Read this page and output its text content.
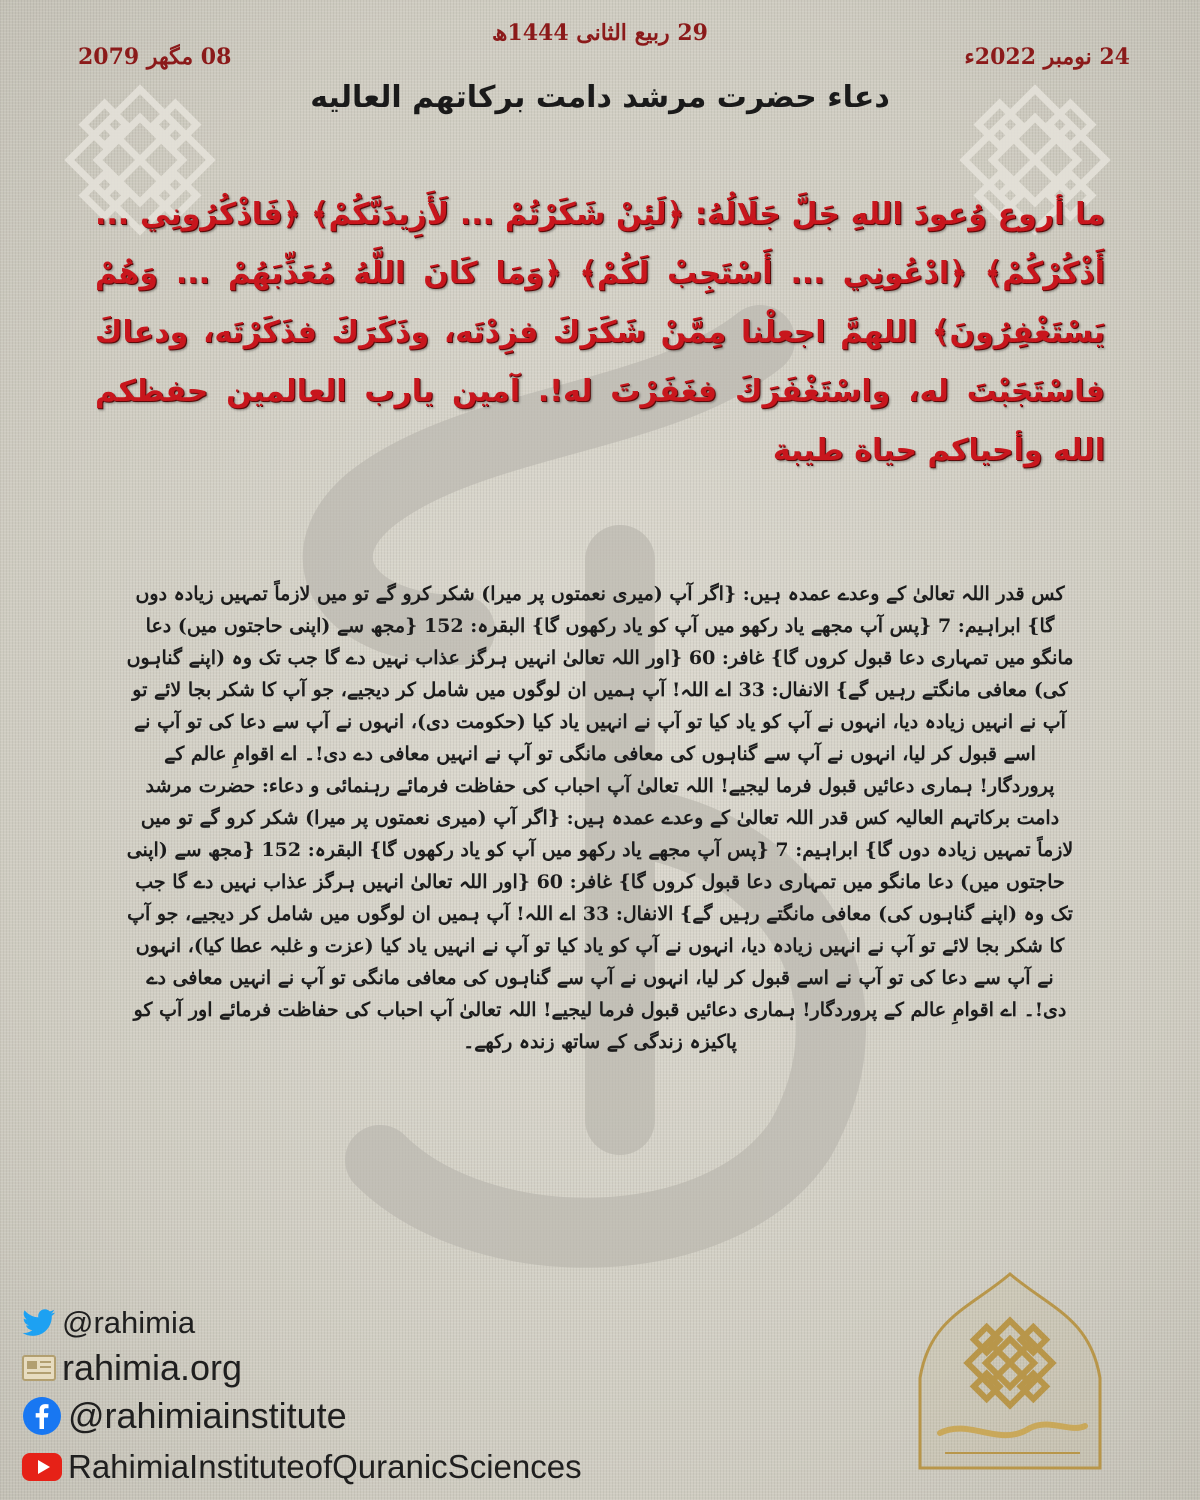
29 ربیع الثانی 1444ھ
24 نومبر 2022ء
08 مگھر 2079
دعاء حضرت مرشد دامت برکاتهم العالیه
ما أروع وُعودَ اللهِ جَلَّ جَلَالُهُ: ﴿لَئِنْ شَكَرْتُمْ ... لَأَزِيدَنَّكُمْ﴾ ﴿فَاذْكُرُونِي ... أَذْكُرْكُمْ﴾ ﴿ادْعُونِي ... أَسْتَجِبْ لَكُمْ﴾ ﴿وَمَا كَانَ اللَّهُ مُعَذِّبَهُمْ ... وَهُمْ يَسْتَغْفِرُونَ﴾ اللهمَّ اجعلْنا مِمَّنْ شَكَرَكَ فزِدْتَه، وذَكَرَكَ فذَكَرْتَه، ودعاكَ فاسْتَجَبْتَ له، واسْتَغْفَرَكَ فغَفَرْتَ له!. آمين يارب العالمين حفظكم الله وأحياكم حياة طيبة
کس قدر اللہ تعالیٰ کے وعدے عمدہ ہیں: {اگر آپ (میری نعمتوں پر میرا) شکر کرو گے تو میں لازماً تمہیں زیادہ دوں گا} ابراہیم: 7 {پس آپ مجھے یاد رکھو میں آپ کو یاد رکھوں گا} البقرہ: 152 {مجھ سے (اپنی حاجتوں میں) دعا مانگو میں تمہاری دعا قبول کروں گا} غافر: 60 {اور اللہ تعالیٰ انہیں ہرگز عذاب نہیں دے گا جب تک وہ (اپنے گناہوں کی) معافی مانگتے رہیں گے} الانفال: 33 اے اللہ! آپ ہمیں ان لوگوں میں شامل کر دیجیے، جو آپ کا شکر بجا لائے تو آپ نے انہیں زیادہ دیا، انہوں نے آپ کو یاد کیا تو آپ نے انہیں یاد کیا (حکومت دی)، انہوں نے آپ سے دعا کی تو آپ نے اسے قبول کر لیا، انہوں نے آپ سے گناہوں کی معافی مانگی تو آپ نے انہیں معافی دے دی!۔ اے اقوامِ عالم کے پروردگار! ہماری دعائیں قبول فرما لیجیے! اللہ تعالیٰ آپ احباب کی حفاظت فرمائے رہنمائی و دعاء: حضرت مرشد دامت برکاتہم العالیہ کس قدر اللہ تعالیٰ کے وعدے عمدہ ہیں: {اگر آپ (میری نعمتوں پر میرا) شکر کرو گے تو میں لازماً تمہیں زیادہ دوں گا} ابراہیم: 7 {پس آپ مجھے یاد رکھو میں آپ کو یاد رکھوں گا} البقرہ: 152 {مجھ سے (اپنی حاجتوں میں) دعا مانگو میں تمہاری دعا قبول کروں گا} غافر: 60 {اور اللہ تعالیٰ انہیں ہرگز عذاب نہیں دے گا جب تک وہ (اپنے گناہوں کی) معافی مانگتے رہیں گے} الانفال: 33 اے اللہ! آپ ہمیں ان لوگوں میں شامل کر دیجیے، جو آپ کا شکر بجا لائے تو آپ نے انہیں زیادہ دیا، انہوں نے آپ کو یاد کیا تو آپ نے انہیں یاد کیا (عزت و غلبہ عطا کیا)، انہوں نے آپ سے دعا کی تو آپ نے اسے قبول کر لیا، انہوں نے آپ سے گناہوں کی معافی مانگی تو آپ نے انہیں معافی دے دی!۔ اے اقوامِ عالم کے پروردگار! ہماری دعائیں قبول فرما لیجیے! اللہ تعالیٰ آپ احباب کی حفاظت فرمائے اور آپ کو پاکیزہ زندگی کے ساتھ زندہ رکھے۔
@rahimia
rahimia.org
@rahimiainstitute
RahimiaInstituteofQuranicSciences
